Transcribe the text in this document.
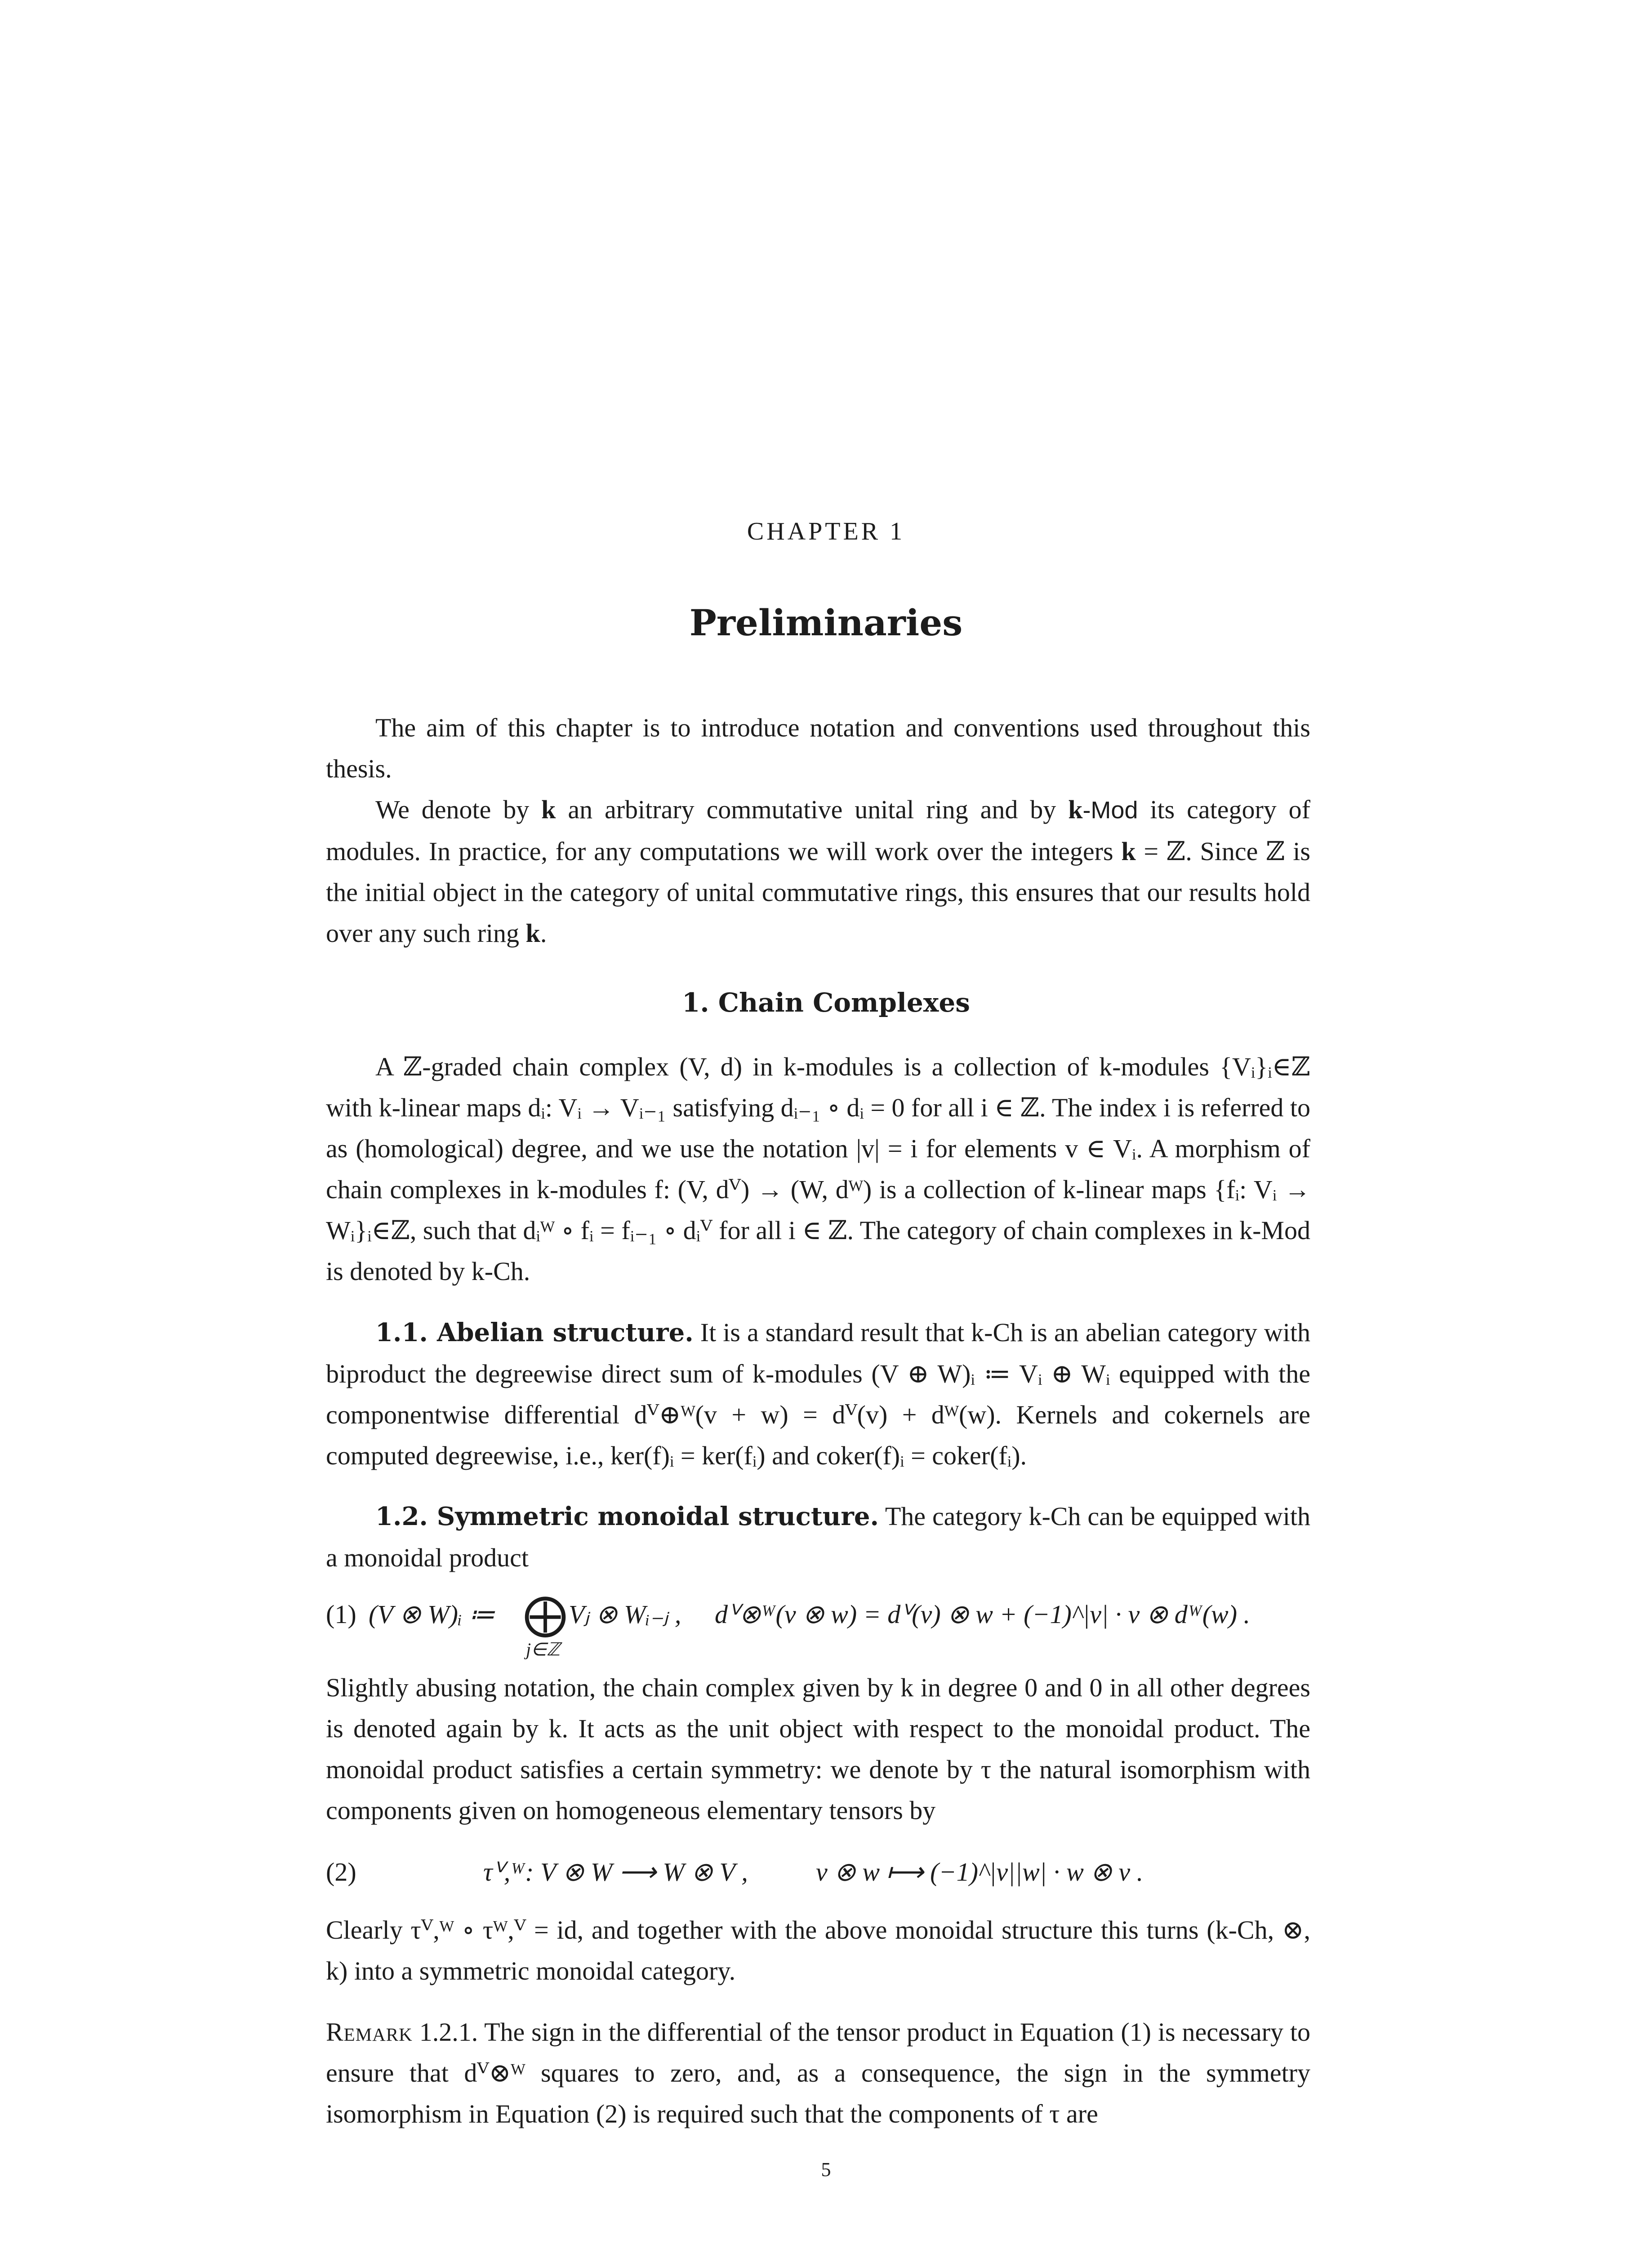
CHAPTER 1
Preliminaries

The aim of this chapter is to introduce notation and conventions used throughout this thesis.

We denote by k an arbitrary commutative unital ring and by k-Mod its category of modules. In practice, for any computations we will work over the integers k = ℤ. Since ℤ is the initial object in the category of unital commutative rings, this ensures that our results hold over any such ring k.

1. Chain Complexes

A ℤ-graded chain complex (V, d) in k-modules is a collection of k-modules {Vᵢ}ᵢ∈ℤ with k-linear maps dᵢ: Vᵢ → Vᵢ₋₁ satisfying dᵢ₋₁ ∘ dᵢ = 0 for all i ∈ ℤ. The index i is referred to as (homological) degree, and we use the notation |v| = i for elements v ∈ Vᵢ. A morphism of chain complexes in k-modules f: (V, dⱽ) → (W, dᵂ) is a collection of k-linear maps {fᵢ: Vᵢ → Wᵢ}ᵢ∈ℤ, such that dᵢᵂ ∘ fᵢ = fᵢ₋₁ ∘ dᵢⱽ for all i ∈ ℤ. The category of chain complexes in k-Mod is denoted by k-Ch.

1.1. Abelian structure. It is a standard result that k-Ch is an abelian category with biproduct the degreewise direct sum of k-modules (V ⊕ W)ᵢ ≔ Vᵢ ⊕ Wᵢ equipped with the componentwise differential dⱽ⊕ᵂ(v + w) = dⱽ(v) + dᵂ(w). Kernels and cokernels are computed degreewise, i.e., ker(f)ᵢ = ker(fᵢ) and coker(f)ᵢ = coker(fᵢ).

1.2. Symmetric monoidal structure. The category k-Ch can be equipped with a monoidal product

(1) (V ⊗ W)ᵢ ≔ ⨁
j∈ℤ
Vⱼ ⊗ Wᵢ₋ⱼ , dⱽ⊗ᵂ(v ⊗ w) = dⱽ(v) ⊗ w + (−1)^|v| · v ⊗ dᵂ(w) .

Slightly abusing notation, the chain complex given by k in degree 0 and 0 in all other degrees is denoted again by k. It acts as the unit object with respect to the monoidal product. The monoidal product satisfies a certain symmetry: we denote by τ the natural isomorphism with components given on homogeneous elementary tensors by

(2)	τⱽ,ᵂ: V ⊗ W ⟶ W ⊗ V ,	v ⊗ w ⟼ (−1)^|v||w| · w ⊗ v .

Clearly τⱽ,ᵂ ∘ τᵂ,ⱽ = id, and together with the above monoidal structure this turns (k-Ch, ⊗, k) into a symmetric monoidal category.

Remark 1.2.1. The sign in the differential of the tensor product in Equation (1) is necessary to ensure that dⱽ⊗ᵂ squares to zero, and, as a consequence, the sign in the symmetry isomorphism in Equation (2) is required such that the components of τ are

5
